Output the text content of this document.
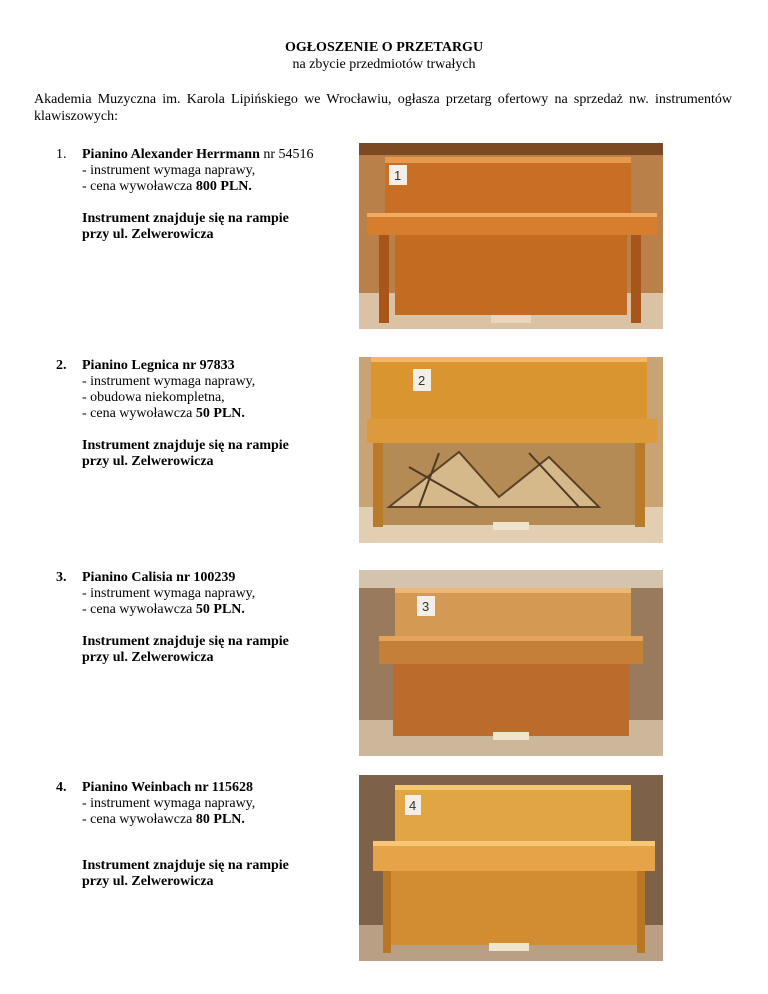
OGŁOSZENIE O PRZETARGU
na zbycie przedmiotów trwałych
Akademia Muzyczna im. Karola Lipińskiego we Wrocławiu, ogłasza przetarg ofertowy na sprzedaż nw. instrumentów klawiszowych:
1.	Pianino Alexander Herrmann nr 54516
- instrument wymaga naprawy,
- cena wywoławcza 800 PLN.
Instrument znajduje się na rampie
przy ul. Zelwerowicza
2.	Pianino Legnica nr 97833
- instrument wymaga naprawy,
- obudowa niekompletna,
- cena wywoławcza 50 PLN.
Instrument znajduje się na rampie
przy ul. Zelwerowicza
3.	Pianino Calisia nr 100239
- instrument wymaga naprawy,
- cena wywoławcza 50 PLN.
Instrument znajduje się na rampie
przy ul. Zelwerowicza
4.	Pianino Weinbach nr 115628
- instrument wymaga naprawy,
- cena wywoławcza 80 PLN.
Instrument znajduje się na rampie
przy ul. Zelwerowicza
1
2
3
4
